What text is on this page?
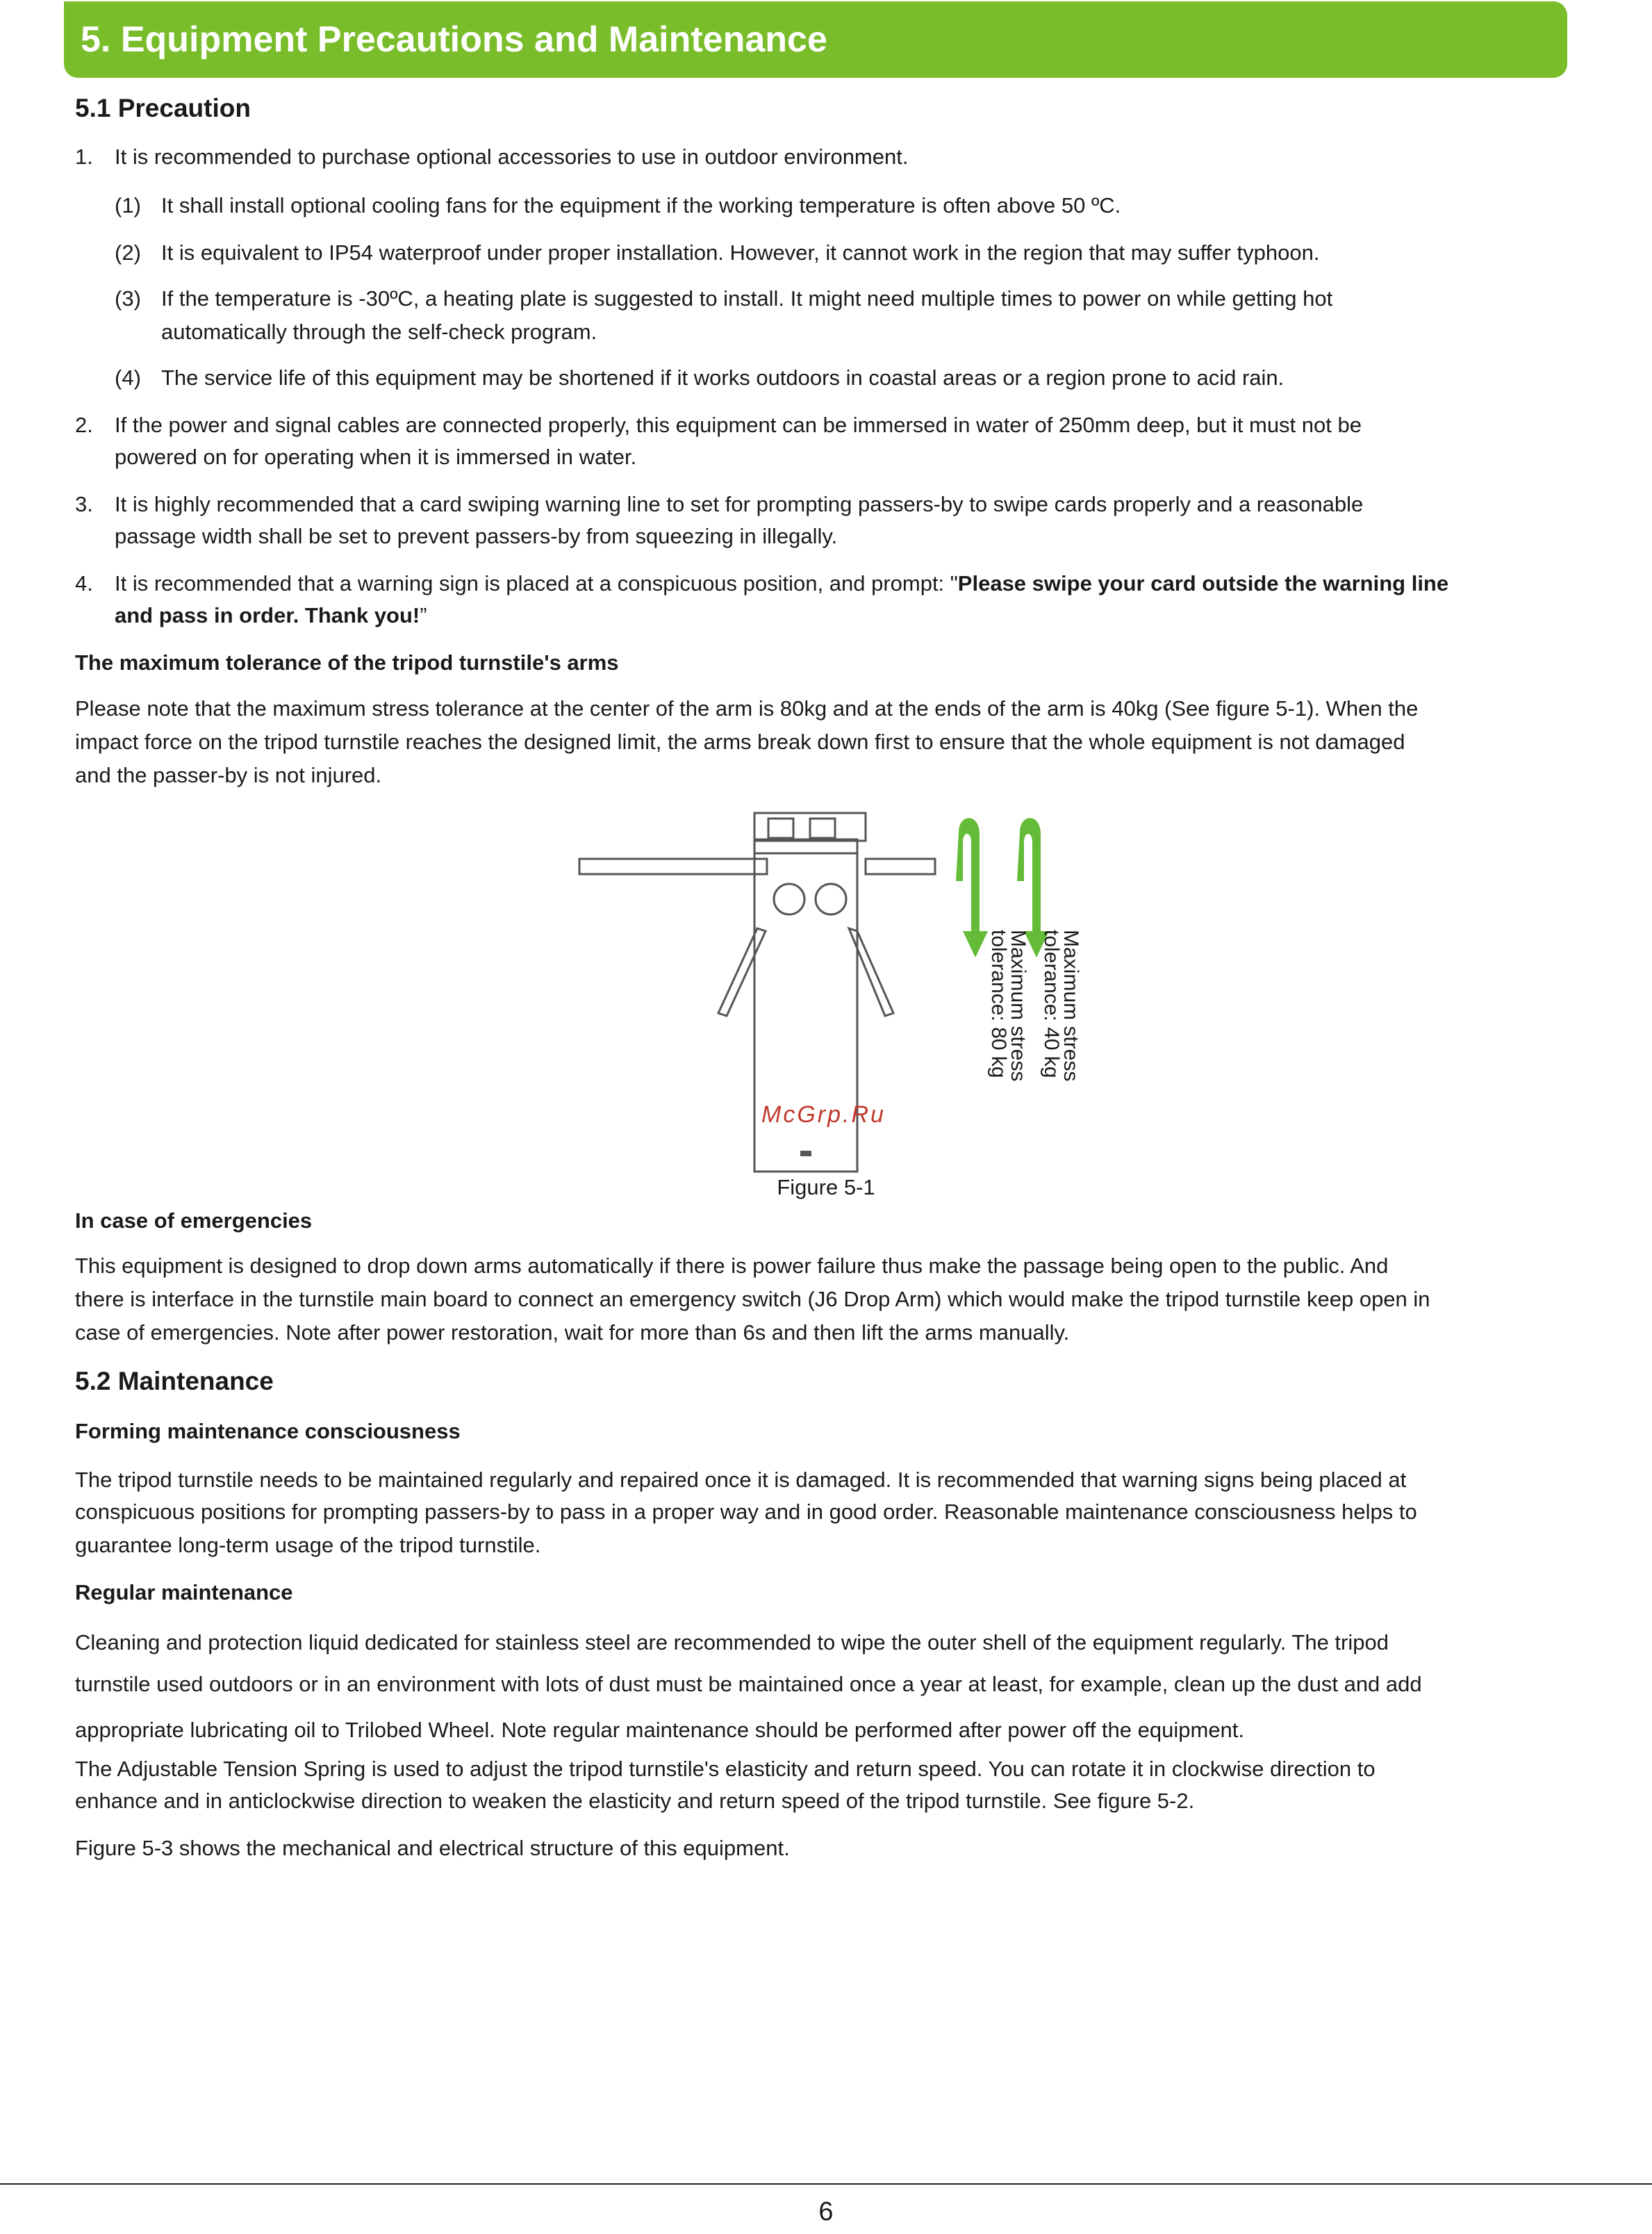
5. Equipment Precautions and Maintenance
5.1 Precaution
1. It is recommended to purchase optional accessories to use in outdoor environment.
(1) It shall install optional cooling fans for the equipment if the working temperature is often above 50 ºC.
(2) It is equivalent to IP54 waterproof under proper installation. However, it cannot work in the region that may suffer typhoon.
(3) If the temperature is -30ºC, a heating plate is suggested to install. It might need multiple times to power on while getting hot
automatically through the self-check program.
(4) The service life of this equipment may be shortened if it works outdoors in coastal areas or a region prone to acid rain.
2. If the power and signal cables are connected properly, this equipment can be immersed in water of 250mm deep, but it must not be
powered on for operating when it is immersed in water.
3. It is highly recommended that a card swiping warning line to set for prompting passers-by to swipe cards properly and a reasonable
passage width shall be set to prevent passers-by from squeezing in illegally.
4. It is recommended that a warning sign is placed at a conspicuous position, and prompt: "Please swipe your card outside the warning line
and pass in order. Thank you!”
The maximum tolerance of the tripod turnstile's arms
Please note that the maximum stress tolerance at the center of the arm is 80kg and at the ends of the arm is 40kg (See figure 5-1). When the
impact force on the tripod turnstile reaches the designed limit, the arms break down first to ensure that the whole equipment is not damaged
and the passer-by is not injured.
Maximum stress
tolerance: 40 kg
Maximum stress
tolerance: 80 kg
McGrp.Ru
Figure 5-1
In case of emergencies
This equipment is designed to drop down arms automatically if there is power failure thus make the passage being open to the public. And
there is interface in the turnstile main board to connect an emergency switch (J6 Drop Arm) which would make the tripod turnstile keep open in
case of emergencies. Note after power restoration, wait for more than 6s and then lift the arms manually.
5.2 Maintenance
Forming maintenance consciousness
The tripod turnstile needs to be maintained regularly and repaired once it is damaged. It is recommended that warning signs being placed at
conspicuous positions for prompting passers-by to pass in a proper way and in good order. Reasonable maintenance consciousness helps to
guarantee long-term usage of the tripod turnstile.
Regular maintenance
Cleaning and protection liquid dedicated for stainless steel are recommended to wipe the outer shell of the equipment regularly. The tripod
turnstile used outdoors or in an environment with lots of dust must be maintained once a year at least, for example, clean up the dust and add
appropriate lubricating oil to Trilobed Wheel. Note regular maintenance should be performed after power off the equipment.
The Adjustable Tension Spring is used to adjust the tripod turnstile's elasticity and return speed. You can rotate it in clockwise direction to
enhance and in anticlockwise direction to weaken the elasticity and return speed of the tripod turnstile. See figure 5-2.
Figure 5-3 shows the mechanical and electrical structure of this equipment.
6
